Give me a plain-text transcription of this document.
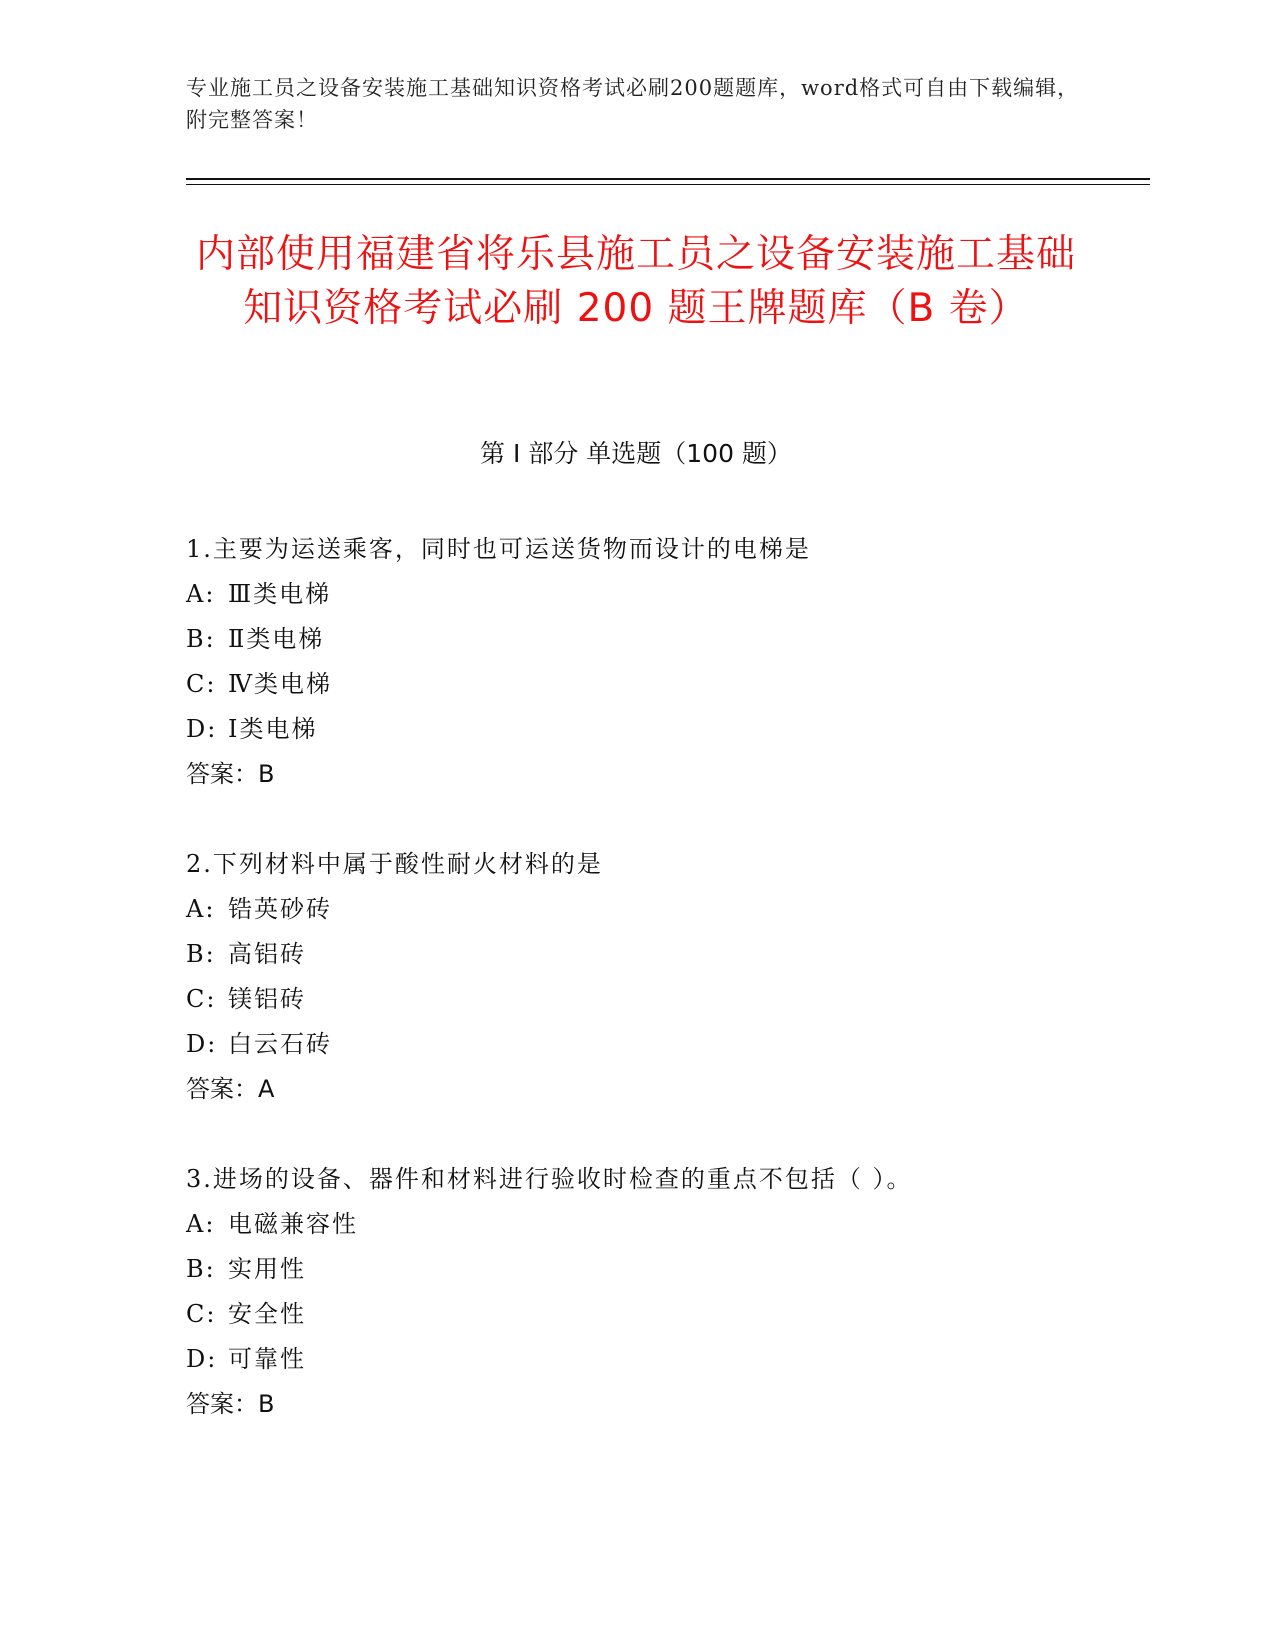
专业施工员之设备安装施工基础知识资格考试必刷200题题库，word格式可自由下载编辑，附完整答案！
内部使用福建省将乐县施工员之设备安装施工基础知识资格考试必刷 200 题王牌题库（B 卷）
第 I 部分 单选题（100 题）
1.主要为运送乘客，同时也可运送货物而设计的电梯是
A: Ⅲ类电梯
B: Ⅱ类电梯
C: Ⅳ类电梯
D: Ⅰ类电梯
答案：B
2.下列材料中属于酸性耐火材料的是
A: 锆英砂砖
B: 高铝砖
C: 镁铝砖
D: 白云石砖
答案：A
3.进场的设备、器件和材料进行验收时检查的重点不包括（ ）。
A: 电磁兼容性
B: 实用性
C: 安全性
D: 可靠性
答案：B
